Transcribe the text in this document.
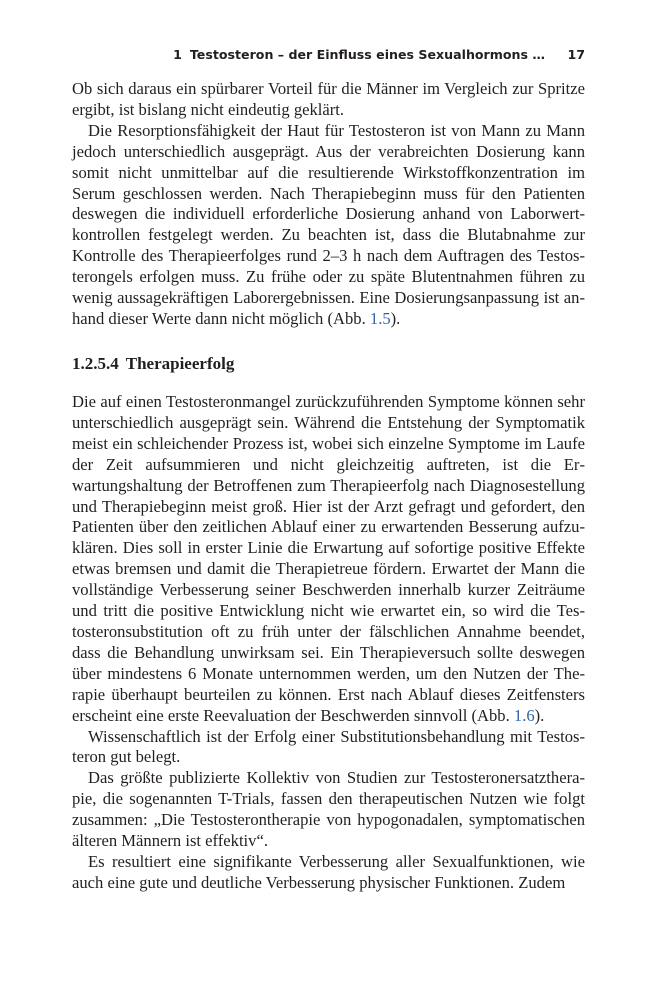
1 Testosteron – der Einfluss eines Sexualhormons … 17

Ob sich daraus ein spürbarer Vorteil für die Männer im Vergleich zur Spritze ergibt, ist bislang nicht eindeutig geklärt.

Die Resorptionsfähigkeit der Haut für Testosteron ist von Mann zu Mann jedoch unterschiedlich ausgeprägt. Aus der verabreichten Dosierung kann somit nicht unmittelbar auf die resultierende Wirkstoffkonzentration im Serum geschlossen werden. Nach Therapiebeginn muss für den Patienten deswegen die individuell erforderliche Dosierung anhand von Laborwertkontrollen festgelegt werden. Zu beachten ist, dass die Blutabnahme zur Kontrolle des Therapieerfolges rund 2–3 h nach dem Auftragen des Testosterongels erfolgen muss. Zu frühe oder zu späte Blutentnahmen führen zu wenig aussagekräftigen Laborergebnissen. Eine Dosierungsanpassung ist anhand dieser Werte dann nicht möglich (Abb. 1.5).

1.2.5.4 Therapieerfolg

Die auf einen Testosteronmangel zurückzuführenden Symptome können sehr unterschiedlich ausgeprägt sein. Während die Entstehung der Symptomatik meist ein schleichender Prozess ist, wobei sich einzelne Symptome im Laufe der Zeit aufsummieren und nicht gleichzeitig auftreten, ist die Erwartungshaltung der Betroffenen zum Therapieerfolg nach Diagnosestellung und Therapiebeginn meist groß. Hier ist der Arzt gefragt und gefordert, den Patienten über den zeitlichen Ablauf einer zu erwartenden Besserung aufzuklären. Dies soll in erster Linie die Erwartung auf sofortige positive Effekte etwas bremsen und damit die Therapietreue fördern. Erwartet der Mann die vollständige Verbesserung seiner Beschwerden innerhalb kurzer Zeiträume und tritt die positive Entwicklung nicht wie erwartet ein, so wird die Testosteronsubstitution oft zu früh unter der fälschlichen Annahme beendet, dass die Behandlung unwirksam sei. Ein Therapieversuch sollte deswegen über mindestens 6 Monate unternommen werden, um den Nutzen der Therapie überhaupt beurteilen zu können. Erst nach Ablauf dieses Zeitfensters erscheint eine erste Reevaluation der Beschwerden sinnvoll (Abb. 1.6).

Wissenschaftlich ist der Erfolg einer Substitutionsbehandlung mit Testosteron gut belegt.

Das größte publizierte Kollektiv von Studien zur Testosteronersatztherapie, die sogenannten T-Trials, fassen den therapeutischen Nutzen wie folgt zusammen: „Die Testosterontherapie von hypogonadalen, symptomatischen älteren Männern ist effektiv“.

Es resultiert eine signifikante Verbesserung aller Sexualfunktionen, wie auch eine gute und deutliche Verbesserung physischer Funktionen. Zudem
